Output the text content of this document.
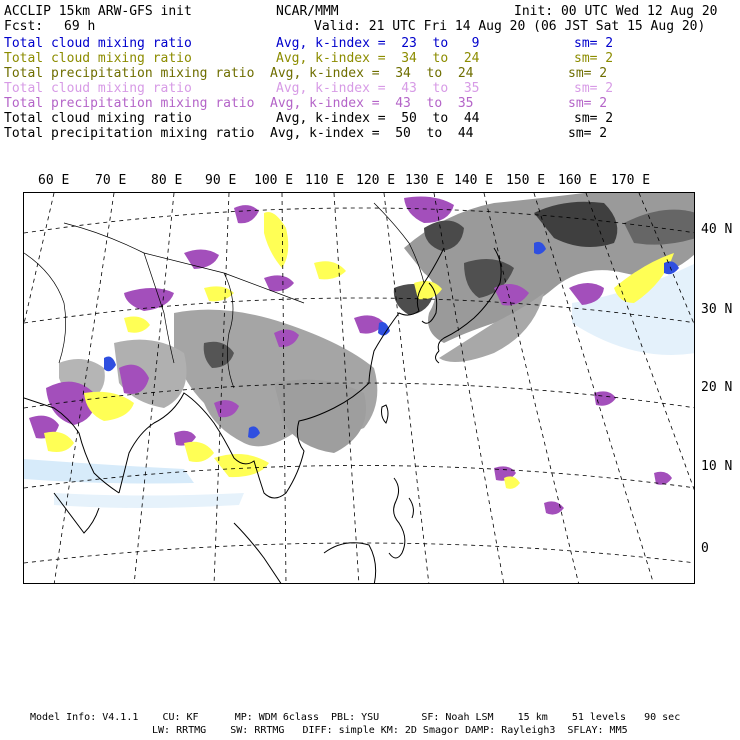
ACCLIP 15km ARW-GFS init	NCAR/MMM	Init: 00 UTC Wed 12 Aug 20
Fcst: 69 h	Valid: 21 UTC Fri 14 Aug 20 (06 JST Sat 15 Aug 20)
Total cloud mixing ratio	Avg, k-index =  23  to   9	sm= 2
Total cloud mixing ratio	Avg, k-index =  34  to  24	sm= 2
Total precipitation mixing ratio Avg, k-index =  34  to  24	sm= 2
Total cloud mixing ratio	Avg, k-index =  43  to  35	sm= 2
Total precipitation mixing ratio Avg, k-index =  43  to  35	sm= 2
Total cloud mixing ratio	Avg, k-index =  50  to  44	sm= 2
Total precipitation mixing ratio Avg, k-index =  50  to  44	sm= 2
60 E 70 E 80 E 90 E 100 E 110 E 120 E 130 E 140 E 150 E 160 E 170 E
40 N
30 N
20 N
10 N
0
Model Info: V4.1.1    CU: KF      MP: WDM 6class  PBL: YSU       SF: Noah LSM    15 km    51 levels   90 sec
LW: RRTMG    SW: RRTMG   DIFF: simple KM: 2D Smagor DAMP: Rayleigh3  SFLAY: MM5
